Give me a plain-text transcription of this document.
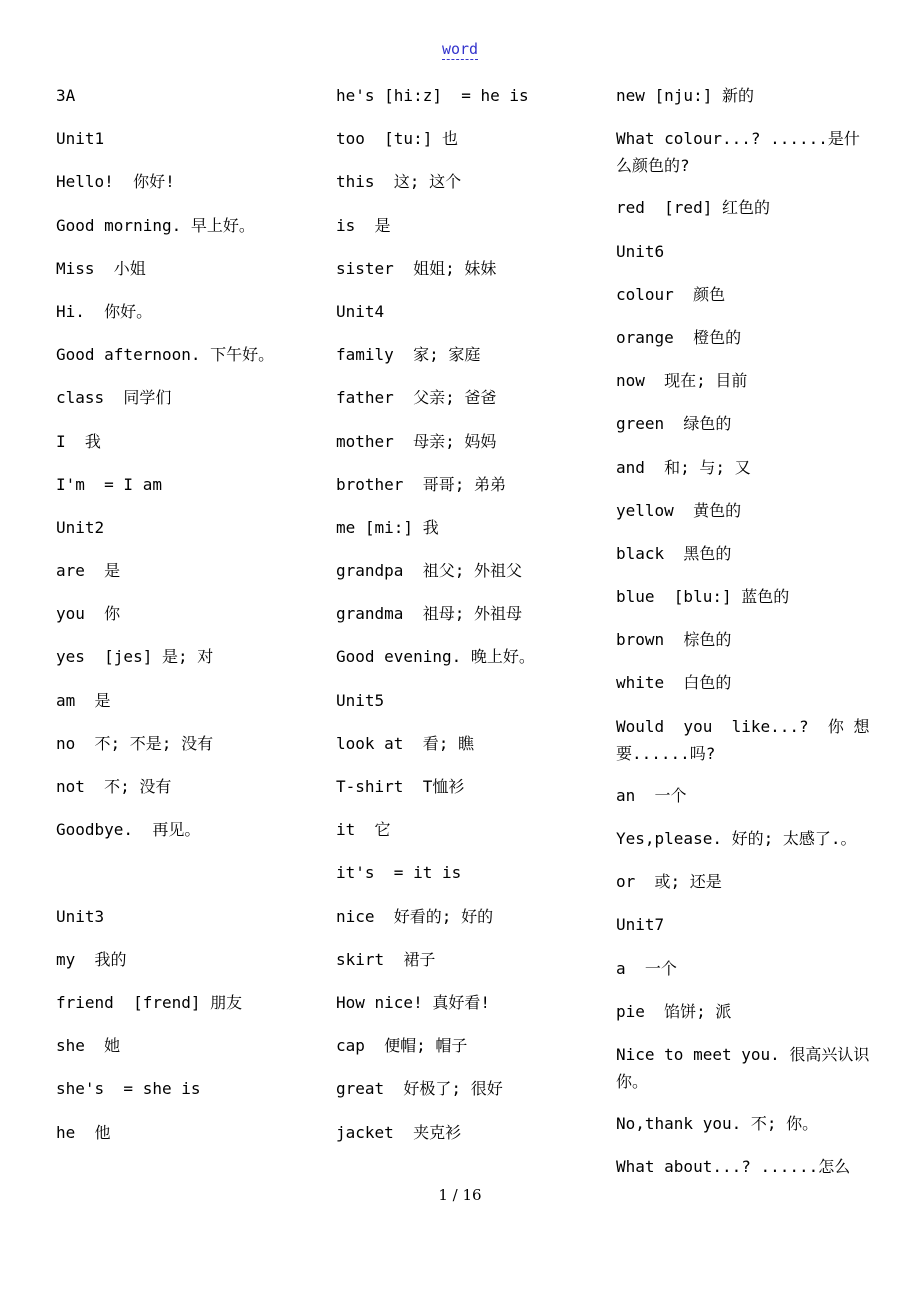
word
3A
Unit1
Hello!  你好!
Good morning. 早上好。
Miss  小姐
Hi.  你好。
Good afternoon. 下午好。
class  同学们
I  我
I'm  = I am
Unit2
are  是
you  你
yes  [jes] 是; 对
am  是
no  不; 不是; 没有
not  不; 没有
Goodbye.  再见。
Unit3
my  我的
friend  [frend] 朋友
she  她
she's  = she is
he  他
he's [hi:z]  = he is
too  [tu:] 也
this  这; 这个
is  是
sister  姐姐; 妹妹
Unit4
family  家; 家庭
father  父亲; 爸爸
mother  母亲; 妈妈
brother  哥哥; 弟弟
me [mi:] 我
grandpa  祖父; 外祖父
grandma  祖母; 外祖母
Good evening. 晚上好。
Unit5
look at  看; 瞧
T-shirt  T恤衫
it  它
it's  = it is
nice  好看的; 好的
skirt  裙子
How nice! 真好看!
cap  便帽; 帽子
great  好极了; 很好
jacket  夹克衫
new [nju:] 新的
What colour...? ......是什么颜色的?
red  [red] 红色的
Unit6
colour  颜色
orange  橙色的
now  现在; 目前
green  绿色的
and  和; 与; 又
yellow  黄色的
black  黑色的
blue  [blu:] 蓝色的
brown  棕色的
white  白色的
Would  you  like...?  你 想 要......吗?
an  一个
Yes,please. 好的; 太感了.。
or  或; 还是
Unit7
a  一个
pie  馅饼; 派
Nice to meet you. 很高兴认识你。
No,thank you. 不; 你。
What about...? ......怎么
1 / 16
